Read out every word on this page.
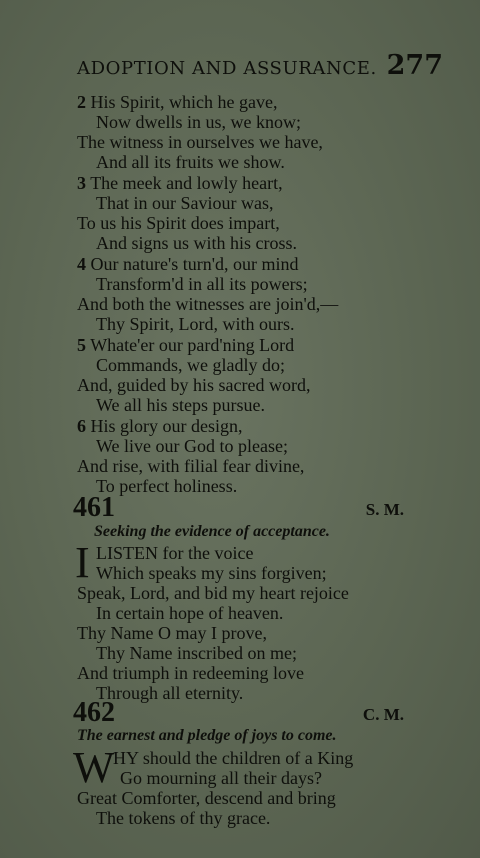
ADOPTION AND ASSURANCE. 277
2 His Spirit, which he gave,
Now dwells in us, we know;
The witness in ourselves we have,
And all its fruits we show.
3 The meek and lowly heart,
That in our Saviour was,
To us his Spirit does impart,
And signs us with his cross.
4 Our nature's turn'd, our mind
Transform'd in all its powers;
And both the witnesses are join'd,—
Thy Spirit, Lord, with ours.
5 Whate'er our pard'ning Lord
Commands, we gladly do;
And, guided by his sacred word,
We all his steps pursue.
6 His glory our design,
We live our God to please;
And rise, with filial fear divine,
To perfect holiness.
461	S. M.
Seeking the evidence of acceptance.
I LISTEN for the voice
Which speaks my sins forgiven;
Speak, Lord, and bid my heart rejoice
In certain hope of heaven.
Thy Name O may I prove,
Thy Name inscribed on me;
And triumph in redeeming love
Through all eternity.
462	C. M.
The earnest and pledge of joys to come.
W
HY should the children of a King
Go mourning all their days?
Great Comforter, descend and bring
The tokens of thy grace.
